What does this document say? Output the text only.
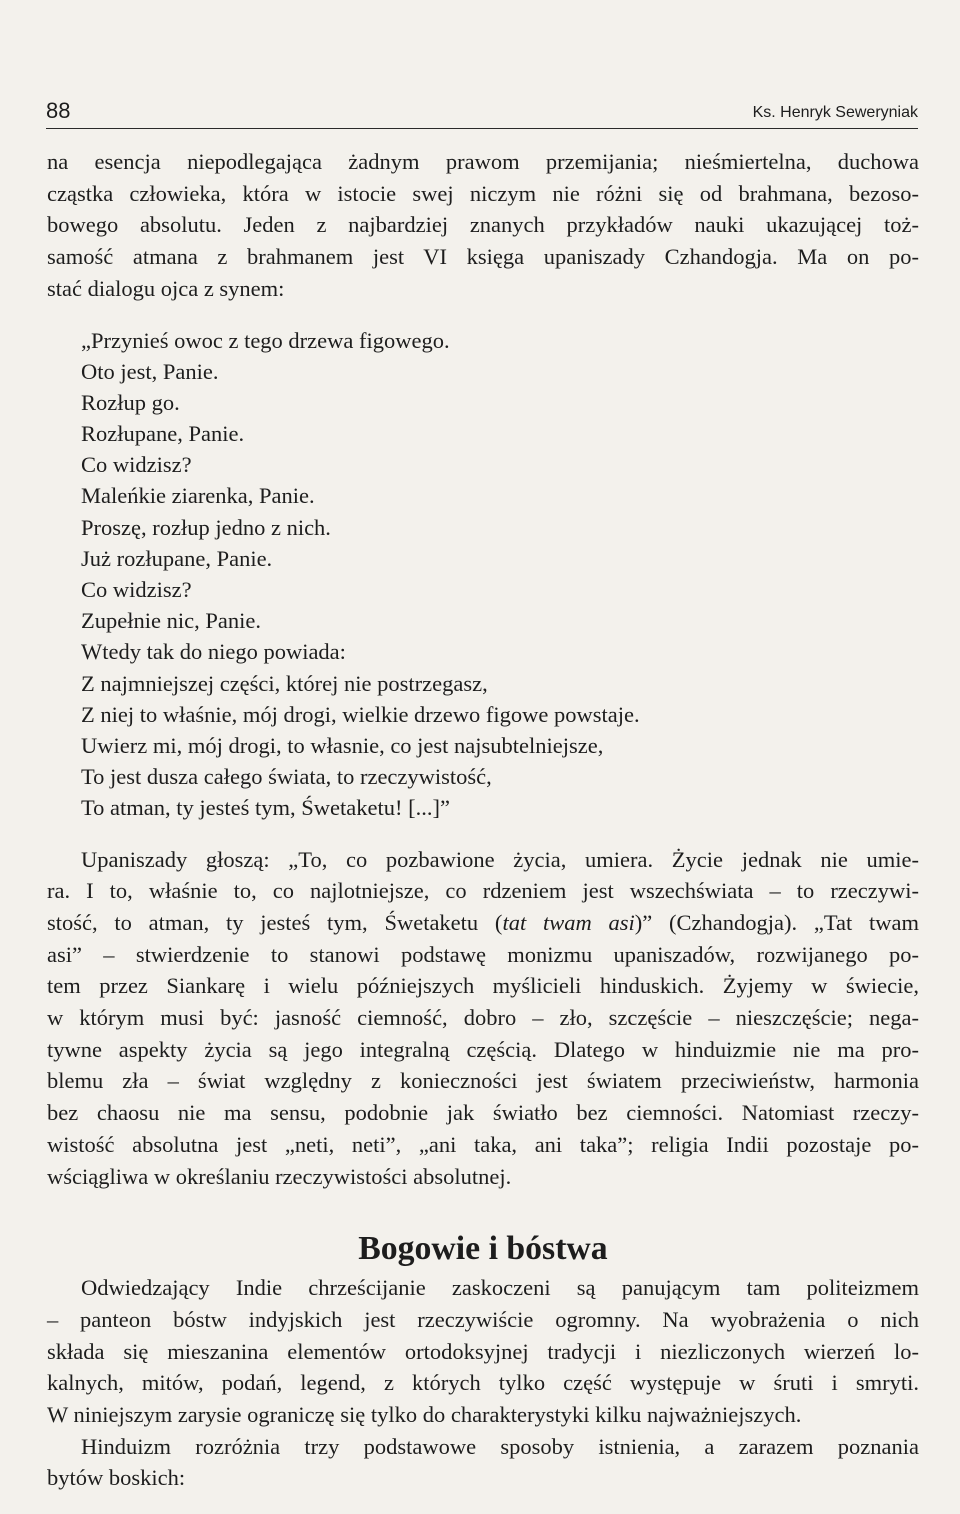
88	Ks. Henryk Seweryniak

na esencja niepodlegająca żadnym prawom przemijania; nieśmiertelna, duchowa

cząstka człowieka, która w istocie swej niczym nie różni się od brahmana, bezoso-

bowego absolutu. Jeden z najbardziej znanych przykładów nauki ukazującej toż-

samość atmana z brahmanem jest VI księga upaniszady Czhandogja. Ma on po-

stać dialogu ojca z synem:

„Przynieś owoc z tego drzewa figowego.
Oto jest, Panie.
Rozłup go.
Rozłupane, Panie.
Co widzisz?
Maleńkie ziarenka, Panie.
Proszę, rozłup jedno z nich.
Już rozłupane, Panie.
Co widzisz?
Zupełnie nic, Panie.
Wtedy tak do niego powiada:
Z najmniejszej części, której nie postrzegasz,
Z niej to właśnie, mój drogi, wielkie drzewo figowe powstaje.
Uwierz mi, mój drogi, to własnie, co jest najsubtelniejsze,
To jest dusza całego świata, to rzeczywistość,
To atman, ty jesteś tym, Śwetaketu! [...]”

Upaniszady głoszą: „To, co pozbawione życia, umiera. Życie jednak nie umie-

ra. I to, właśnie to, co najlotniejsze, co rdzeniem jest wszechświata – to rzeczywi-

stość, to atman, ty jesteś tym, Śwetaketu (tat twam asi)” (Czhandogja). „Tat twam

asi” – stwierdzenie to stanowi podstawę monizmu upaniszadów, rozwijanego po-

tem przez Siankarę i wielu późniejszych myślicieli hinduskich. Żyjemy w świecie,

w którym musi być: jasność ciemność, dobro – zło, szczęście – nieszczęście; nega-

tywne aspekty życia są jego integralną częścią. Dlatego w hinduizmie nie ma pro-

blemu zła – świat względny z konieczności jest światem przeciwieństw, harmonia

bez chaosu nie ma sensu, podobnie jak światło bez ciemności. Natomiast rzeczy-

wistość absolutna jest „neti, neti”, „ani taka, ani taka”; religia Indii pozostaje po-

wściągliwa w określaniu rzeczywistości absolutnej.

Bogowie i bóstwa

Odwiedzający Indie chrześcijanie zaskoczeni są panującym tam politeizmem

– panteon bóstw indyjskich jest rzeczywiście ogromny. Na wyobrażenia o nich

składa się mieszanina elementów ortodoksyjnej tradycji i niezliczonych wierzeń lo-

kalnych, mitów, podań, legend, z których tylko część występuje w śruti i smryti.

W niniejszym zarysie ograniczę się tylko do charakterystyki kilku najważniejszych.

Hinduizm rozróżnia trzy podstawowe sposoby istnienia, a zarazem poznania

bytów boskich:
